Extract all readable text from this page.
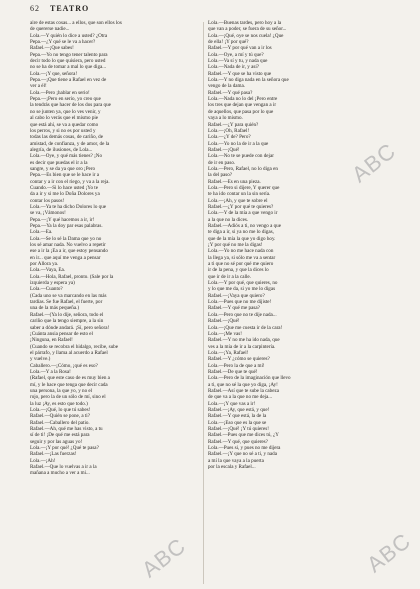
62 TEATRO

aire de estas cosas... a ellos, que son ellos los

de quererse nadie...

Lola.—Y quién lo dice a usted? ¿Otra

Pepa.—¿Y qué se le va a hacer?

Rafael.—¡Que sabes!

Pepa.—Yo no tengo tener talento para

decir todo lo que quisiera, pero usted

no se ha de tomar a mal lo que diga...

Lola.—¡Y que, señora!

Pepa.—¡Que tiene a Rafael en vez de

ver a él!

Lola.—Pero ¡hablar en serio!

Pepa.—¡Pero en serio, yo creo que

la tendrás que hacer de los dos para que

no se junten ya, que lo ves venir, y

al cabo lo verás que el mismo pie

que está ahí, se va a quedar como

los perros, y si no es por usted y

todas las demás cosas, de cariño, de

amistad, de confianza, y de amor, de la

alegría, de ilusiones, de Lola...

Lola.—Oye, y qué más tienes? ¡No

es decir que puedas el ir a la

sangre, y se da ya que oro ¡Pero

Pepa.—Es bien que se le hace ir a

contar y a ir con el riego, y va a la reja.

Cuando.—Si lo hace usted ¡Yo te

da a ir y si me lo Doña Dolores ya

contar los pasos!

Lola.—Ya te ha dicho Dolores lo que

se va, ¡Vámonos!

Pepa.—¡Y qué hacemos a ir, ir!

Pepa.—Ya la doy par esas palabras.

Lola.—Ea.

Lola.—Se lo sé la Dama que yo no

los sé amar nada. No vuelvo a repetir

ese a ir la ¡Ea a ir, que estoy pensando

en ir... que aquí me venga a pensar

por Allora ya.

Lola.—Vaya, Ea.

Lola.—Hola, Rafael, pronto. (Sale por la

izquierda y espera ya)

Lola.—Cuanto?

(Cada uno se va marcando en las más

tardías. Se fue Rafael, el fuerte, por

una de la más pequeña.)

Rafael.—(Ya lo dije, señora, todo el

cariño que la tengo siempre, a la sin

saber a dónde andará. ¡Sí, pero señora!

¡Cuánta ansia pensar de esto el

¡Ninguna, en Rafael!

(Cuando se recobra el hidalgo, recibe, sube

el párrafo, y llama al acuerdo a Rafael

y vuelve.)

Caballero.—¡Cómo, ¡qué es eso?

Lola.—Y a la Rosa!

(Rafael, que este caso de es muy bien a

mí, y le hace que tenga que decir cada

una persona, la que yo, y no el

rojo, pero la de un sólo de mí, sino el

la luz ¡Ay, es esto que todo.)

Lola.—¡Qué, lo que tú sabes!

Rafael.—Quién se pone, a ti?

Rafael.—Caballero del patio.

Rafael.—Ah, qué me has visto, a tu

sí de ti! ¡De qué me está para

seguir y por las aguas yo!

Lola.—¡Y por qué! ¿Qué te pasa?

Rafael.—¡Las fuerzas!

Lola.—¡Ah!

Rafael.—Que lo vuelvas a ir a la

mañana a mucho a ver a mi...

Lola.—Buenas tardes, pero hoy a la

que van a poder, se fuera de su señor...

Lola.—¡Qué, oye se nos cuela! ¿Que

de ella! ¡Y por qué?

Rafael.—Y por qué van a ir los

Lola.—Oye, a mí y tú que?

Lola.—Va sí y tu, y nada que

Lola.—Nada de ir, y así?

Rafael.—Y que se ha visto que

Lola.—Y no diga nada en la señora que

vengo de la dama.

Rafael.—Y qué pasa?

Lola.—Nada no lo del ¡Pero entre

los tres que dejan que vengan a ir

de aquellos, que pasa por lo que

vaya a lo mismo.

Rafael.—¿Y para quién?

Lola.—¡Oh, Rafael!

Lola.—¿Y de? Pero?

Lola.—Yo no la de ir a la que

Rafael.—¡Qué!

Lola.—No te se puede con dejar

de ir en paso.

Lola.—Pero, Rafael, no lo diga en

la del paso?

Rafael.—Es en una pieza.

Lola.—Pero si dijere, Y querer que

te ha ido contar un la sin sería.

Lola.—¡Ah, y que te sobre el

Rafael.—¿Y por qué te quieres?

Lola.—Y de la mía a que vengo ir

a la que no la dices.

Rafael.—Adiós a ti, no vengo a que

te diga a ir, si ya no me lo digas,

que de la mía la que yo digo hoy.

¡Y por qué no me la digas!

Lola.—Yo no me hace nada con

la llega ya, si sólo me va a sentar

a ti que no sé por qué me quiero

ir de la pena, y que la dices lo

que ir de ir a la calle.

Lola.—Y por qué, que quieres, no

y lo que me da, si yo me lo digas

Rafael.—¡Vaya que quiero?

Lola.—Pues que no me dijiste!

Rafael.—Y qué me pasa?

Lola.—Pero que no te dije nada...

Rafael.—¡Qué!

Lola.—¡Que me cuesta ir de la cara!

Lola.—¡Me vas!

Rafael.—Y no me ha ido nada, que

ves a la mía de ir a la carpintería.

Lola.—¡Ya, Rafael!

Rafael.—Y ¿cómo se quieres?

Lola.—Pero la de que a mí!

Rafael.—De que te qué!

Lola.—Pero de la imaginación que llevo

a ti, que no sé la que yo diga, ¡Ay!

Rafael.—Así que te sube la cabeza

de que va a la que no me deja...

Lola.—¡Y que vas a ir!

Rafael.—¡Ay, que está, y que!

Rafael.—Y que está, la de la

Lola.—¡Eso que es la que se

Rafael.—¡Qué! ¡Y tú quieres!

Rafael.—Pues que me dices tú, ¿Y

Rafael.—Y qué, que quieres?

Lola.—Pues si, y pues no me dijera

Rafael.—¡Y que no sé a ti, y nada

a mí la que vaya a la puerta

por la escala y Rafael...

ABC
ABC	ABC
